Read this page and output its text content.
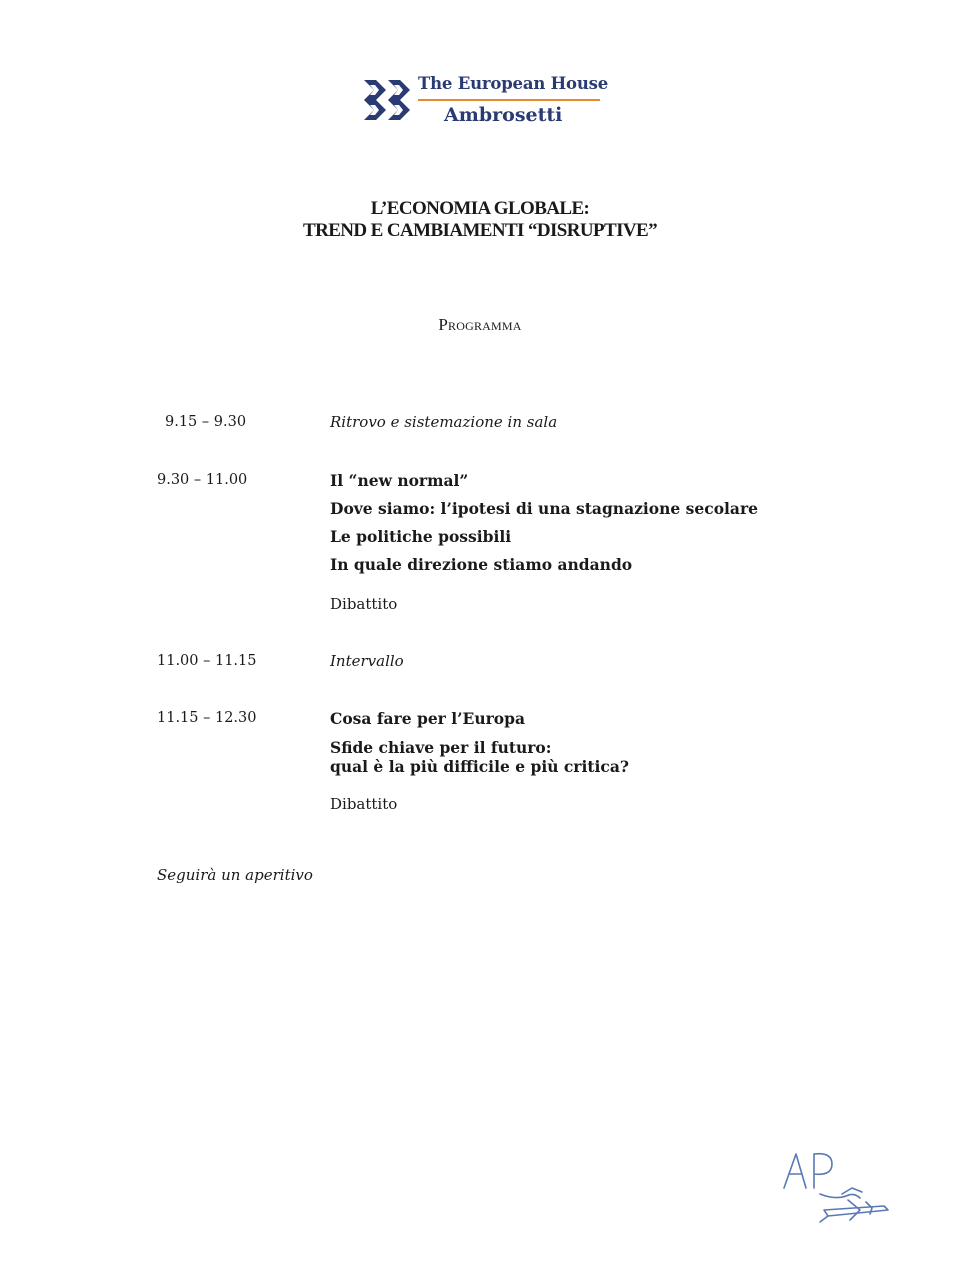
The European House
Ambrosetti
L’ECONOMIA GLOBALE:
TREND E CAMBIAMENTI “DISRUPTIVE”
Programma
9.15 – 9.30	Ritrovo e sistemazione in sala
9.30 – 11.00	Il “new normal”
Dove siamo: l’ipotesi di una stagnazione secolare
Le politiche possibili
In quale direzione stiamo andando
Dibattito
11.00 – 11.15	Intervallo
11.15 – 12.30	Cosa fare per l’Europa
Sfide chiave per il futuro:
qual è la più difficile e più critica?
Dibattito
Seguirà un aperitivo
